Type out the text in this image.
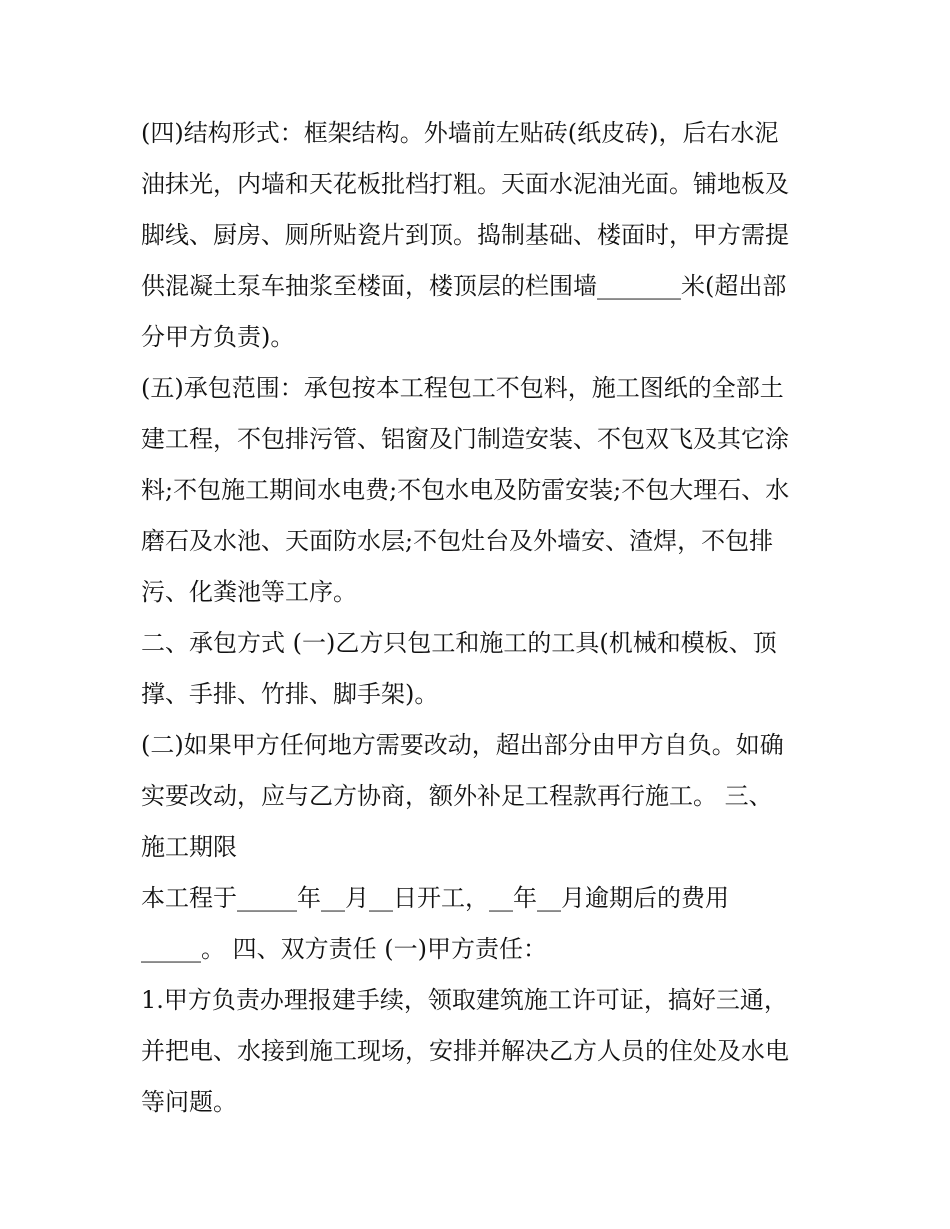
(四)结构形式：框架结构。外墙前左贴砖(纸皮砖)，后右水泥
油抹光，内墙和天花板批档打粗。天面水泥油光面。铺地板及
脚线、厨房、厕所贴瓷片到顶。捣制基础、楼面时，甲方需提
供混凝土泵车抽浆至楼面，楼顶层的栏围墙_______米(超出部
分甲方负责)。
(五)承包范围：承包按本工程包工不包料，施工图纸的全部土
建工程，不包排污管、铝窗及门制造安装、不包双飞及其它涂
料;不包施工期间水电费;不包水电及防雷安装;不包大理石、水
磨石及水池、天面防水层;不包灶台及外墙安、渣焊，不包排
污、化粪池等工序。
二、承包方式 (一)乙方只包工和施工的工具(机械和模板、顶
撑、手排、竹排、脚手架)。
(二)如果甲方任何地方需要改动，超出部分由甲方自负。如确
实要改动，应与乙方协商，额外补足工程款再行施工。 三、
施工期限
本工程于_____年__月__日开工，__年__月逾期后的费用
_____。 四、双方责任 (一)甲方责任：
1.甲方负责办理报建手续，领取建筑施工许可证，搞好三通，
并把电、水接到施工现场，安排并解决乙方人员的住处及水电
等问题。
